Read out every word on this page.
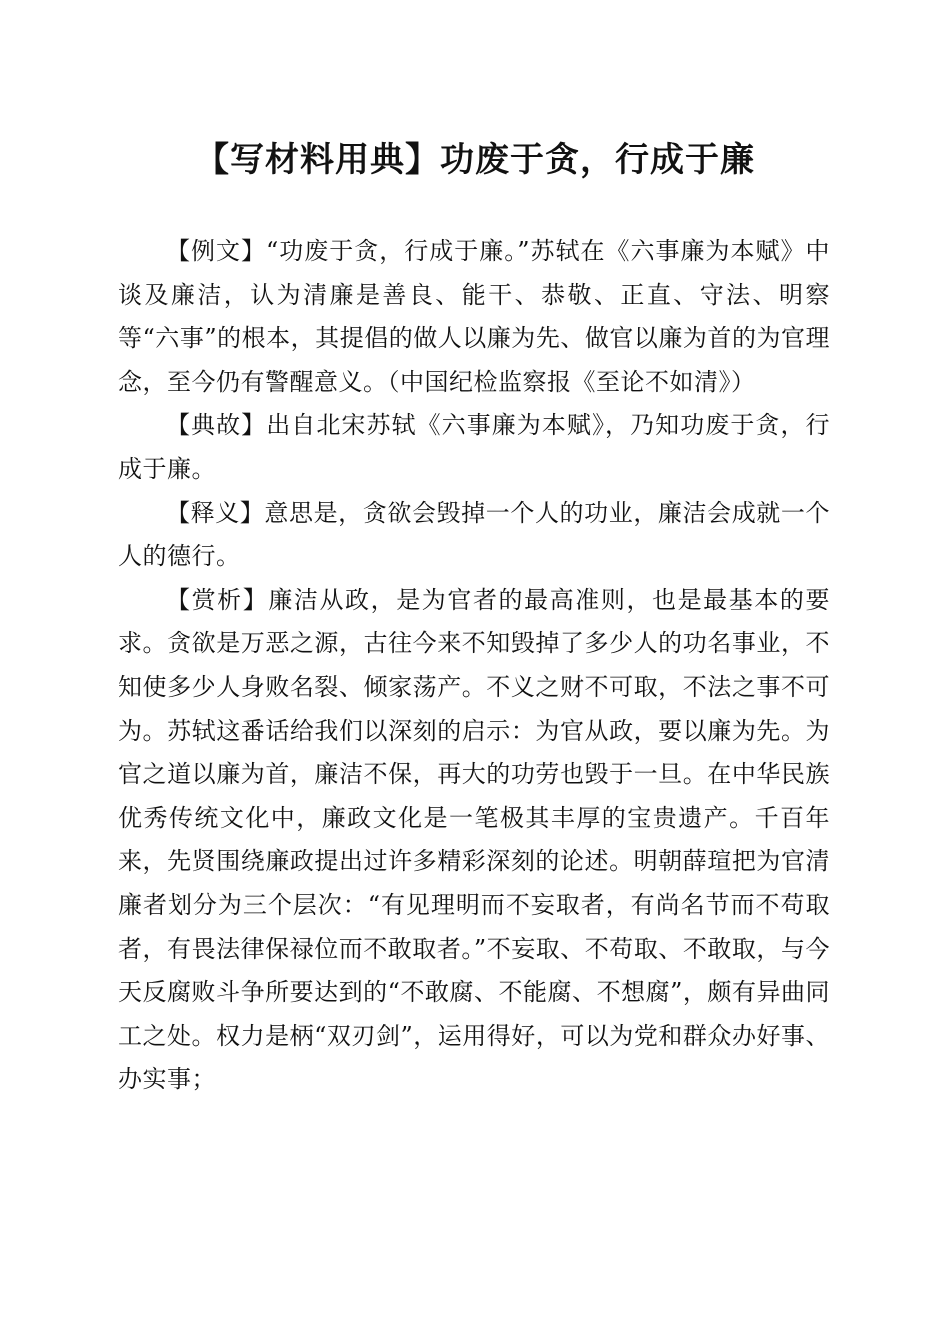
【写材料用典】功废于贪，行成于廉

【例文】“功废于贪，行成于廉。”苏轼在《六事廉为本赋》中谈及廉洁，认为清廉是善良、能干、恭敬、正直、守法、明察等“六事”的根本，其提倡的做人以廉为先、做官以廉为首的为官理念，至今仍有警醒意义。（中国纪检监察报《至论不如清》）

【典故】出自北宋苏轼《六事廉为本赋》，乃知功废于贪，行成于廉。

【释义】意思是，贪欲会毁掉一个人的功业，廉洁会成就一个人的德行。

【赏析】廉洁从政，是为官者的最高准则，也是最基本的要求。贪欲是万恶之源，古往今来不知毁掉了多少人的功名事业，不知使多少人身败名裂、倾家荡产。不义之财不可取，不法之事不可为。苏轼这番话给我们以深刻的启示：为官从政，要以廉为先。为官之道以廉为首，廉洁不保，再大的功劳也毁于一旦。在中华民族优秀传统文化中，廉政文化是一笔极其丰厚的宝贵遗产。千百年来，先贤围绕廉政提出过许多精彩深刻的论述。明朝薛瑄把为官清廉者划分为三个层次：“有见理明而不妄取者，有尚名节而不苟取者，有畏法律保禄位而不敢取者。”不妄取、不苟取、不敢取，与今天反腐败斗争所要达到的“不敢腐、不能腐、不想腐”，颇有异曲同工之处。权力是柄“双刃剑”，运用得好，可以为党和群众办好事、办实事；
